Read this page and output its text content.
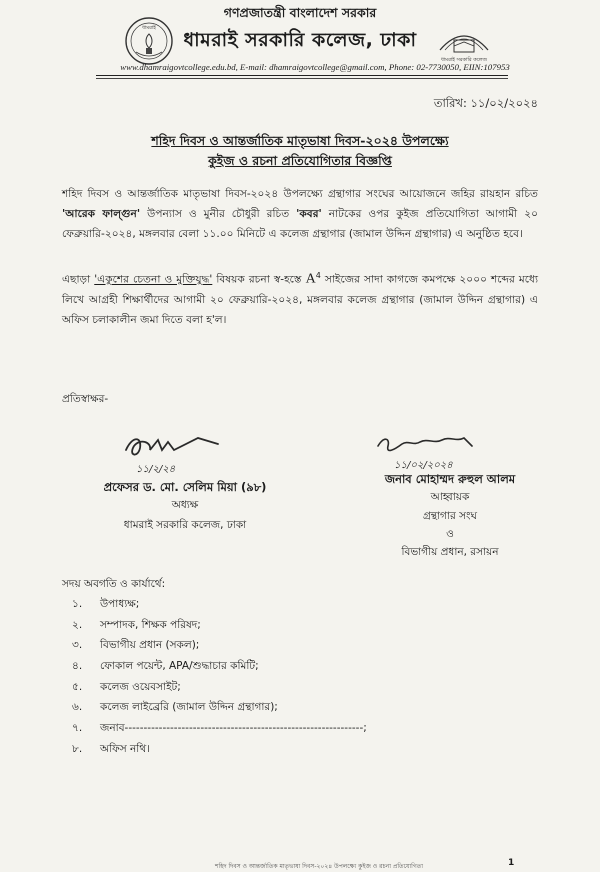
ধামরাই
ধামরাই সরকারি কলেজ
গণপ্রজাতন্ত্রী বাংলাদেশ সরকার
ধামরাই সরকারি কলেজ, ঢাকা
www.dhamraigovtcollege.edu.bd, E-mail: dhamraigovtcollege@gmail.com, Phone: 02-7730050, EIIN:107953
তারিখ: ১১/০২/২০২৪
শহিদ দিবস ও আন্তর্জাতিক মাতৃভাষা দিবস-২০২৪ উপলক্ষ্যে
কুইজ ও রচনা প্রতিযোগিতার বিজ্ঞপ্তি
শহিদ দিবস ও আন্তর্জাতিক মাতৃভাষা দিবস-২০২৪ উপলক্ষ্যে গ্রন্থাগার সংঘের আয়োজনে জহির রায়হান রচিত 'আরেক ফাল্গুন' উপন্যাস ও মুনীর চৌধুরী রচিত 'কবর' নাটকের ওপর কুইজ প্রতিযোগিতা আগামী ২০ ফেব্রুয়ারি-২০২৪, মঙ্গলবার বেলা ১১.০০ মিনিটে এ কলেজ গ্রন্থাগার (জামাল উদ্দিন গ্রন্থাগার) এ অনুষ্ঠিত হবে।
এছাড়া 'একুশের চেতনা ও মুক্তিযুদ্ধ' বিষয়ক রচনা স্ব-হস্তে $A^4$ সাইজের সাদা কাগজে কমপক্ষে ২০০০ শব্দের মধ্যে লিখে আগ্রহী শিক্ষার্থীদের আগামী ২০ ফেব্রুয়ারি-২০২৪, মঙ্গলবার কলেজ গ্রন্থাগার (জামাল উদ্দিন গ্রন্থাগার) এ অফিস চলাকালীন জমা দিতে বলা হ'ল।
প্রতিস্বাক্ষর-
১১/২/২৪
প্রফেসর ড. মো. সেলিম মিয়া (৯৮)
অধ্যক্ষ
ধামরাই সরকারি কলেজ, ঢাকা
১১/০২/২০২৪
জনাব মোহাম্মদ রুহুল আলম
আহ্বায়ক
গ্রন্থাগার সংঘ
ও
বিভাগীয় প্রধান, রসায়ন
সদয় অবগতি ও কার্যার্থে:
১. উপাধ্যক্ষ;
২. সম্পাদক, শিক্ষক পরিষদ;
৩. বিভাগীয় প্রধান (সকল);
৪. ফোকাল পয়েন্ট, APA/শুদ্ধাচার কমিটি;
৫. কলেজ ওয়েবসাইট;
৬. কলেজ লাইব্রেরি (জামাল উদ্দিন গ্রন্থাগার);
৭. জনাব---------------------------------------------------------------;
৮. অফিস নথি।
শহিদ দিবস ও আন্তর্জাতিক মাতৃভাষা দিবস-২০২৪ উপলক্ষ্যে কুইজ ও রচনা প্রতিযোগিতা	1
